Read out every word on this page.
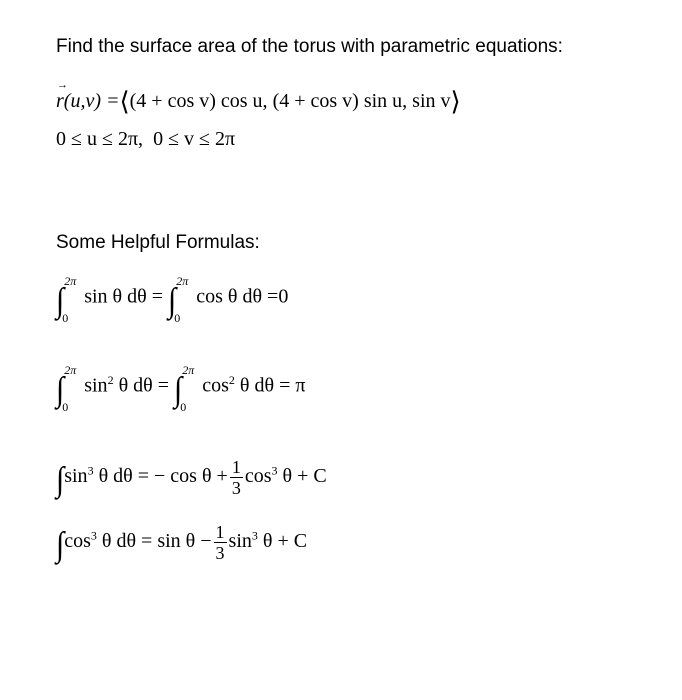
Find the surface area of the torus with parametric equations:
→ r(u,v) =⟨(4 + cos v) cos u, (4 + cos v) sin u, sin v⟩
0 ≤ u ≤ 2π, 0 ≤ v ≤ 2π
Some Helpful Formulas:
∫
2π
0
sin θ dθ = ∫
2π
0
cos θ dθ =0
∫
2π
0
$\sin^2 \theta$ dθ = ∫
2π
0
$\cos^2 \theta$ dθ = π
$\int\sin^3$ θ dθ = − $\cos \theta + \frac{1}{3} \cos^3 \theta + C$
$\int\cos^3$ θ $d\theta = \sin \theta - \frac{1}{3} \sin^3 \theta + C$
